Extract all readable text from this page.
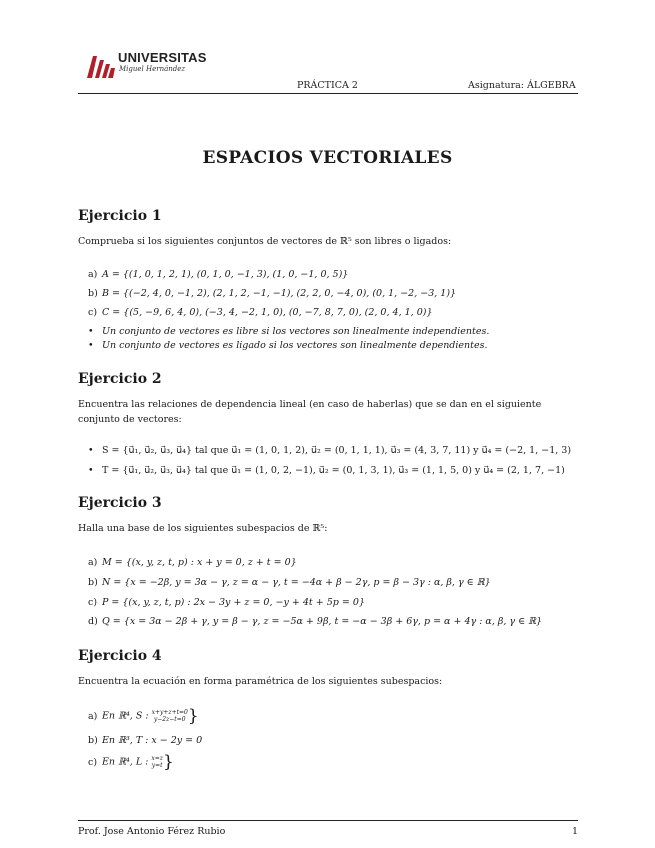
UNIVERSITAS
Miguel Hernández
PRÁCTICA 2	Asignatura: ÁLGEBRA
ESPACIOS VECTORIALES
Ejercicio 1
Comprueba si los siguientes conjuntos de vectores de ℝ⁵ son libres o ligados:
a) A = {(1, 0, 1, 2, 1), (0, 1, 0, −1, 3), (1, 0, −1, 0, 5)}
b) B = {(−2, 4, 0, −1, 2), (2, 1, 2, −1, −1), (2, 2, 0, −4, 0), (0, 1, −2, −3, 1)}
c) C = {(5, −9, 6, 4, 0), (−3, 4, −2, 1, 0), (0, −7, 8, 7, 0), (2, 0, 4, 1, 0)}
• Un conjunto de vectores es libre si los vectores son linealmente independientes.
• Un conjunto de vectores es ligado si los vectores son linealmente dependientes.
Ejercicio 2
Encuentra las relaciones de dependencia lineal (en caso de haberlas) que se dan en el siguiente conjunto de vectores:
• S = {u⃗₁, u⃗₂, u⃗₃, u⃗₄} tal que u⃗₁ = (1, 0, 1, 2), u⃗₂ = (0, 1, 1, 1), u⃗₃ = (4, 3, 7, 11) y u⃗₄ = (−2, 1, −1, 3)
• T = {u⃗₁, u⃗₂, u⃗₃, u⃗₄} tal que u⃗₁ = (1, 0, 2, −1), u⃗₂ = (0, 1, 3, 1), u⃗₃ = (1, 1, 5, 0) y u⃗₄ = (2, 1, 7, −1)
Ejercicio 3
Halla una base de los siguientes subespacios de ℝ⁵:
a) M = {(x, y, z, t, p) : x + y = 0, z + t = 0}
b) N = {x = −2β, y = 3α − γ, z = α − γ, t = −4α + β − 2γ, p = β − 3γ : α, β, γ ∈ ℝ}
c) P = {(x, y, z, t, p) : 2x − 3y + z = 0, −y + 4t + 5p = 0}
d) Q = {x = 3α − 2β + γ, y = β − γ, z = −5α + 9β, t = −α − 3β + 6γ, p = α + 4γ : α, β, γ ∈ ℝ}
Ejercicio 4
Encuentra la ecuación en forma paramétrica de los siguientes subespacios:
a) En ℝ⁴, S : x+y+z+t=0
y−2z−t=0 }
b) En ℝ³, T : x − 2y = 0
c) En ℝ⁴, L : x=z
y=t}
Prof. Jose Antonio Férez Rubio	1
